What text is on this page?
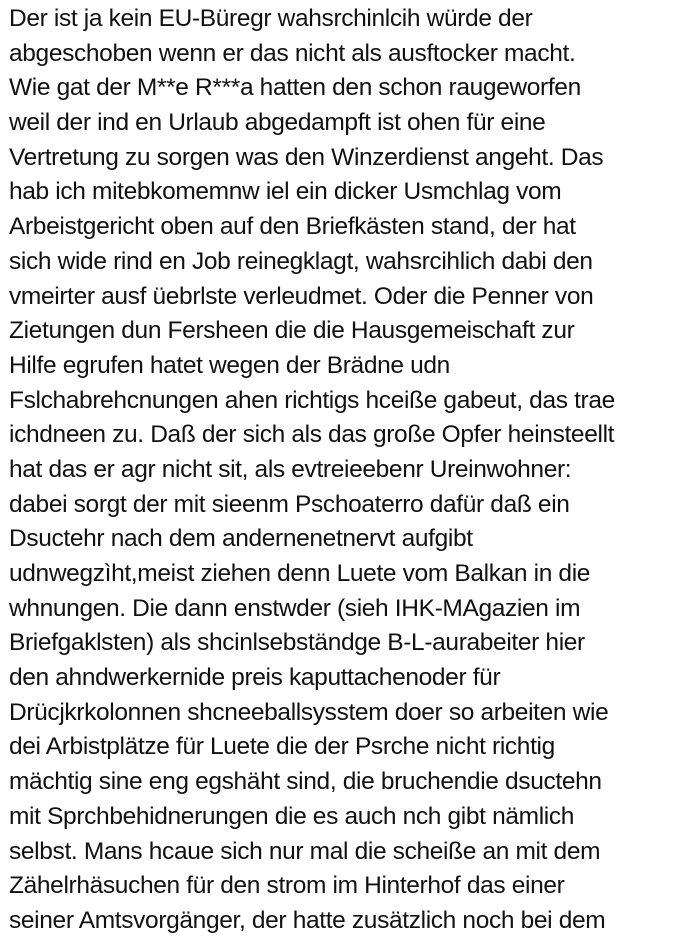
Der ist ja kein EU-Büregr wahsrchinlcih würde der
abgeschoben wenn er das nicht als ausftocker macht.
Wie gat der M**e R***a hatten den schon raugeworfen
weil der ind en Urlaub abgedampft ist ohen für eine
Vertretung zu sorgen was den Winzerdienst angeht. Das
hab ich mitebkomemnw iel ein dicker Usmchlag vom
Arbeistgericht oben auf den Briefkästen stand, der hat
sich wide rind en Job reinegklagt, wahsrcihlich dabi den
vmeirter ausf üebrlste verleudmet. Oder die Penner von
Zietungen dun Fersheen die die Hausgemeischaft zur
Hilfe egrufen hatet wegen der Brädne udn
Fslchabrehcnungen ahen richtigs hceiße gabeut, das trae
ichdneen zu. Daß der sich als das große Opfer heinsteellt
hat das er agr nicht sit, als evtreieebenr Ureinwohner:
dabei sorgt der mit sieenm Pschoaterro dafür daß ein
Dsuctehr nach dem andernenetnervt aufgibt
udnwegzìht,meist ziehen denn Luete vom Balkan in die
whnungen. Die dann enstwder (sieh IHK-MAgazien im
Briefgaklsten) als shcinlsebständge B-L-aurabeiter hier
den ahndwerkernide preis kaputtachenoder für
Drücjkrkolonnen shcneeballsysstem doer so arbeiten wie
dei Arbistplätze für Luete die der Psrche nicht richtig
mächtig sine eng egshäht sind, die bruchendie dsuctehn
mit Sprchbehidnerungen die es auch nch gibt nämlich
selbst. Mans hcaue sich nur mal die scheiße an mit dem
Zähelrhäsuchen für den strom im Hinterhof das einer
seiner Amtsvorgänger, der hatte zusätzlich noch bei dem
